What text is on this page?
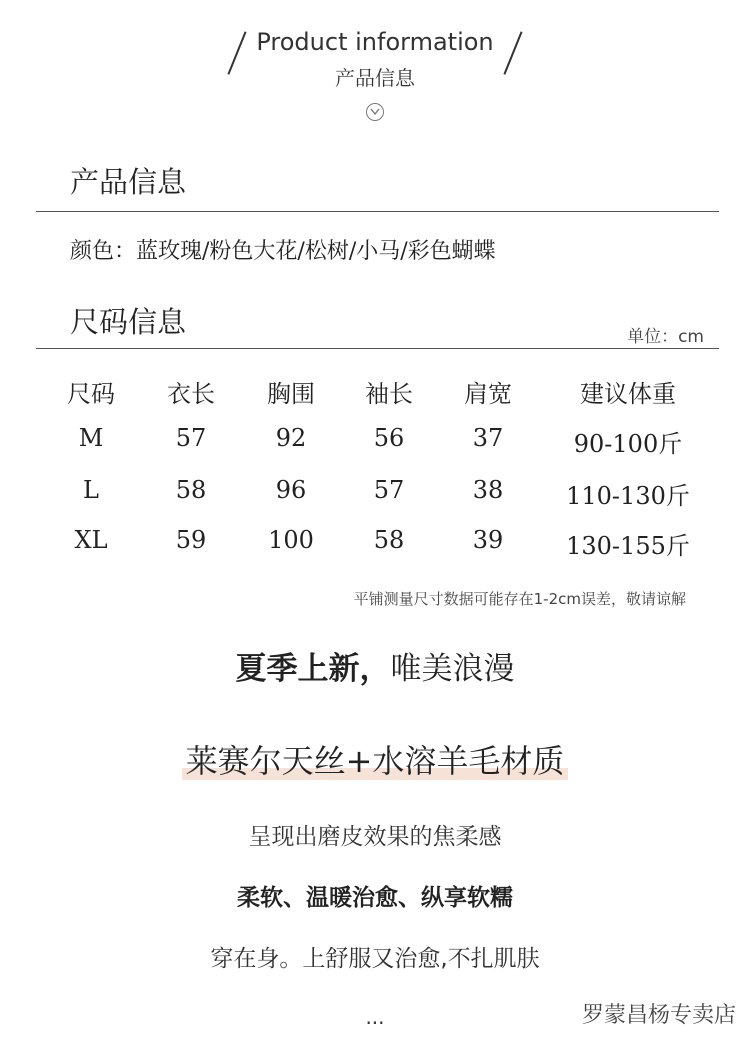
Product information
产品信息
产品信息
颜色：蓝玫瑰/粉色大花/松树/小马/彩色蝴蝶
尺码信息	单位：cm
尺码	衣长	胸围	袖长	肩宽	建议体重
M	57	92	56	37	90-100斤
L	58	96	57	38	110-130斤
XL	59	100	58	39	130-155斤
平铺测量尺寸数据可能存在1-2cm误差，敬请谅解
夏季上新，唯美浪漫
莱赛尔天丝+水溶羊毛材质
呈现出磨皮效果的焦柔感
柔软、温暖治愈、纵享软糯
穿在身。上舒服又治愈,不扎肌肤
...	罗蒙昌杨专卖店
